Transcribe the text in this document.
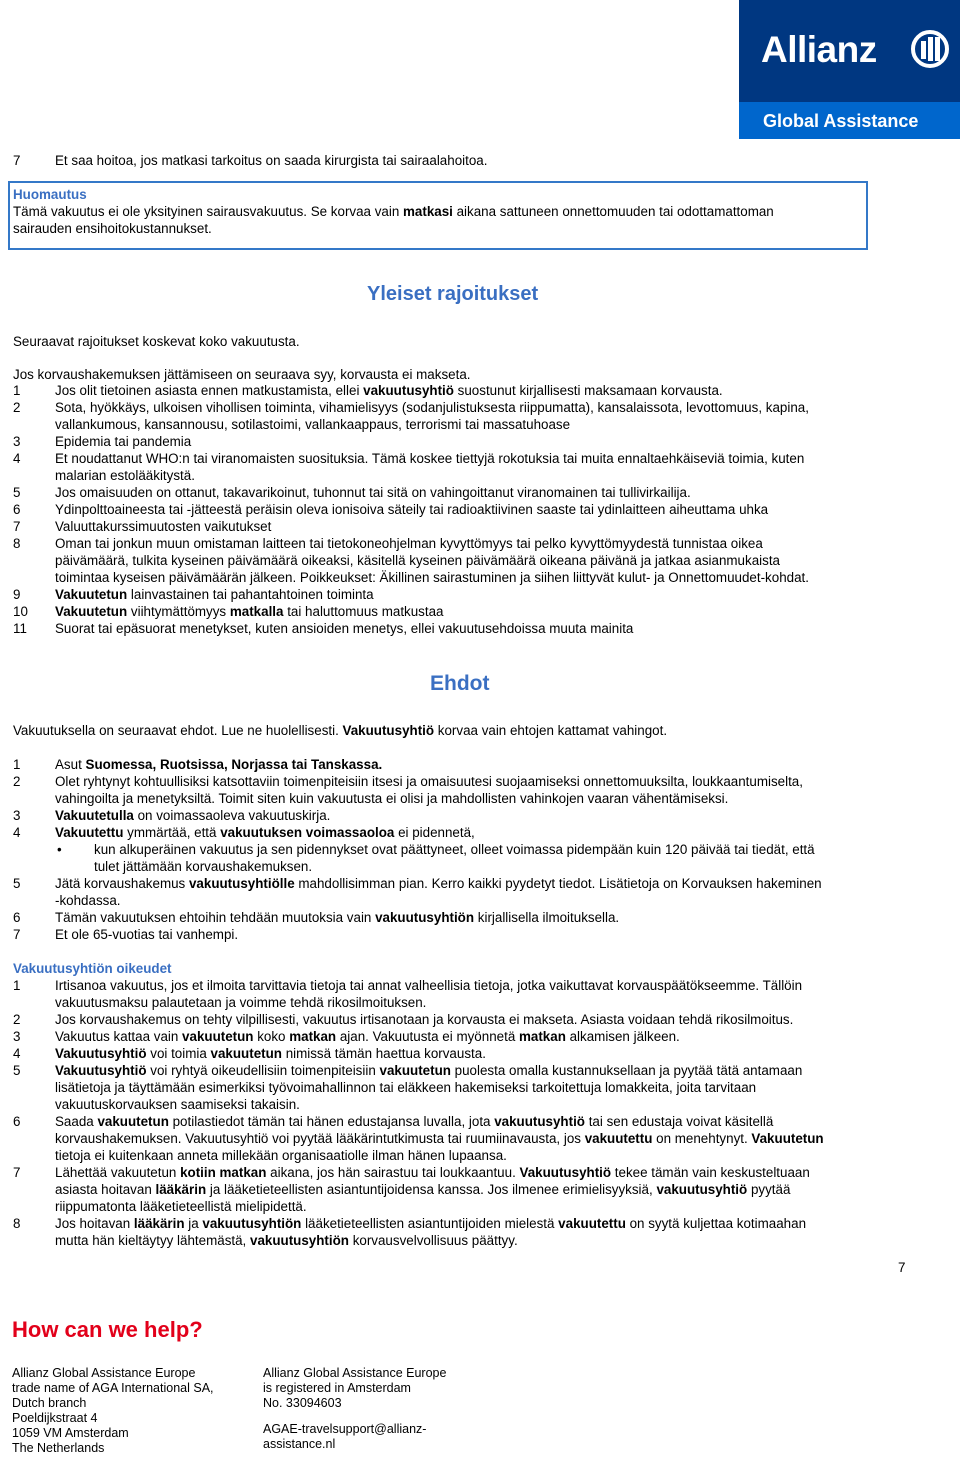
Allianz
Global Assistance
7	Et saa hoitoa, jos matkasi tarkoitus on saada kirurgista tai sairaalahoitoa.
Huomautus
Tämä vakuutus ei ole yksityinen sairausvakuutus. Se korvaa vain matkasi aikana sattuneen onnettomuuden tai odottamattoman
sairauden ensihoitokustannukset.
Yleiset rajoitukset
Seuraavat rajoitukset koskevat koko vakuutusta.
Jos korvaushakemuksen jättämiseen on seuraava syy, korvausta ei makseta.
1	Jos olit tietoinen asiasta ennen matkustamista, ellei vakuutusyhtiö suostunut kirjallisesti maksamaan korvausta.
2	Sota, hyökkäys, ulkoisen vihollisen toiminta, vihamielisyys (sodanjulistuksesta riippumatta), kansalaissota, levottomuus, kapina,
vallankumous, kansannousu, sotilastoimi, vallankaappaus, terrorismi tai massatuhoase
3	Epidemia tai pandemia
4	Et noudattanut WHO:n tai viranomaisten suosituksia. Tämä koskee tiettyjä rokotuksia tai muita ennaltaehkäiseviä toimia, kuten
malarian estolääkitystä.
5	Jos omaisuuden on ottanut, takavarikoinut, tuhonnut tai sitä on vahingoittanut viranomainen tai tullivirkailija.
6	Ydinpolttoaineesta tai -jätteestä peräisin oleva ionisoiva säteily tai radioaktiivinen saaste tai ydinlaitteen aiheuttama uhka
7	Valuuttakurssimuutosten vaikutukset
8	Oman tai jonkun muun omistaman laitteen tai tietokoneohjelman kyvyttömyys tai pelko kyvyttömyydestä tunnistaa oikea
päivämäärä, tulkita kyseinen päivämäärä oikeaksi, käsitellä kyseinen päivämäärä oikeana päivänä ja jatkaa asianmukaista
toimintaa kyseisen päivämäärän jälkeen. Poikkeukset: Äkillinen sairastuminen ja siihen liittyvät kulut- ja Onnettomuudet-kohdat.
9	Vakuutetun lainvastainen tai pahantahtoinen toiminta
10 Vakuutetun viihtymättömyys matkalla tai haluttomuus matkustaa
11 Suorat tai epäsuorat menetykset, kuten ansioiden menetys, ellei vakuutusehdoissa muuta mainita
Ehdot
Vakuutuksella on seuraavat ehdot. Lue ne huolellisesti. Vakuutusyhtiö korvaa vain ehtojen kattamat vahingot.
1	Asut Suomessa, Ruotsissa, Norjassa tai Tanskassa.
2	Olet ryhtynyt kohtuullisiksi katsottaviin toimenpiteisiin itsesi ja omaisuutesi suojaamiseksi onnettomuuksilta, loukkaantumiselta,
vahingoilta ja menetyksiltä. Toimit siten kuin vakuutusta ei olisi ja mahdollisten vahinkojen vaaran vähentämiseksi.
3	Vakuutetulla on voimassaoleva vakuutuskirja.
4	Vakuutettu ymmärtää, että vakuutuksen voimassaoloa ei pidennetä,
• kun alkuperäinen vakuutus ja sen pidennykset ovat päättyneet, olleet voimassa pidempään kuin 120 päivää tai tiedät, että
tulet jättämään korvaushakemuksen.
5	Jätä korvaushakemus vakuutusyhtiölle mahdollisimman pian. Kerro kaikki pyydetyt tiedot. Lisätietoja on Korvauksen hakeminen
-kohdassa.
6	Tämän vakuutuksen ehtoihin tehdään muutoksia vain vakuutusyhtiön kirjallisella ilmoituksella.
7	Et ole 65-vuotias tai vanhempi.
Vakuutusyhtiön oikeudet
1	Irtisanoa vakuutus, jos et ilmoita tarvittavia tietoja tai annat valheellisia tietoja, jotka vaikuttavat korvauspäätökseemme. Tällöin
vakuutusmaksu palautetaan ja voimme tehdä rikosilmoituksen.
2	Jos korvaushakemus on tehty vilpillisesti, vakuutus irtisanotaan ja korvausta ei makseta. Asiasta voidaan tehdä rikosilmoitus.
3	Vakuutus kattaa vain vakuutetun koko matkan ajan. Vakuutusta ei myönnetä matkan alkamisen jälkeen.
4	Vakuutusyhtiö voi toimia vakuutetun nimissä tämän haettua korvausta.
5	Vakuutusyhtiö voi ryhtyä oikeudellisiin toimenpiteisiin vakuutetun puolesta omalla kustannuksellaan ja pyytää tätä antamaan
lisätietoja ja täyttämään esimerkiksi työvoimahallinnon tai eläkkeen hakemiseksi tarkoitettuja lomakkeita, joita tarvitaan
vakuutuskorvauksen saamiseksi takaisin.
6	Saada vakuutetun potilastiedot tämän tai hänen edustajansa luvalla, jota vakuutusyhtiö tai sen edustaja voivat käsitellä
korvaushakemuksen. Vakuutusyhtiö voi pyytää lääkärintutkimusta tai ruumiinavausta, jos vakuutettu on menehtynyt. Vakuutetun
tietoja ei kuitenkaan anneta millekään organisaatiolle ilman hänen lupaansa.
7	Lähettää vakuutetun kotiin matkan aikana, jos hän sairastuu tai loukkaantuu. Vakuutusyhtiö tekee tämän vain keskusteltuaan
asiasta hoitavan lääkärin ja lääketieteellisten asiantuntijoidensa kanssa. Jos ilmenee erimielisyyksiä, vakuutusyhtiö pyytää
riippumatonta lääketieteellistä mielipidettä.
8	Jos hoitavan lääkärin ja vakuutusyhtiön lääketieteellisten asiantuntijoiden mielestä vakuutettu on syytä kuljettaa kotimaahan
mutta hän kieltäytyy lähtemästä, vakuutusyhtiön korvausvelvollisuus päättyy.
7
How can we help?
Allianz Global Assistance Europe
trade name of AGA International SA,
Dutch branch
Poeldijkstraat 4
1059 VM Amsterdam
The Netherlands
Allianz Global Assistance Europe
is registered in Amsterdam
No. 33094603
AGAE-travelsupport@allianz-
assistance.nl
